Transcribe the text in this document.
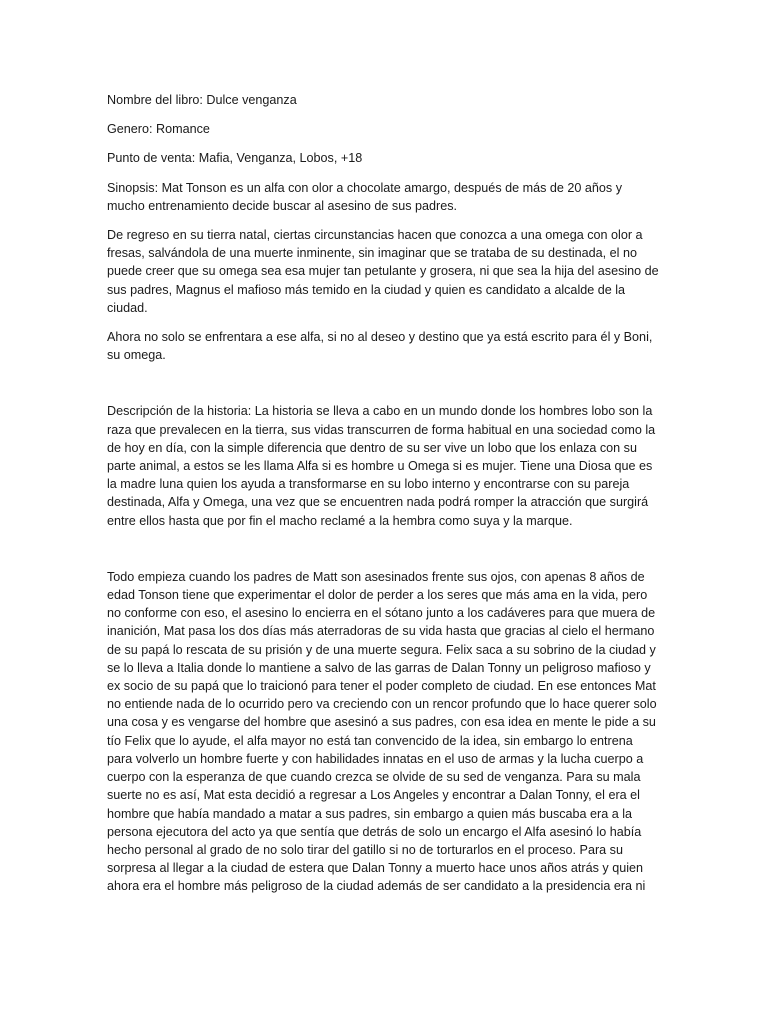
Nombre del libro: Dulce venganza

Genero: Romance

Punto de venta: Mafia, Venganza, Lobos, +18

Sinopsis: Mat Tonson es un alfa con olor a chocolate amargo, después de más de 20 años y mucho entrenamiento decide buscar al asesino de sus padres.

De regreso en su tierra natal, ciertas circunstancias hacen que conozca a una omega con olor a fresas, salvándola de una muerte inminente, sin imaginar que se trataba de su destinada, el no puede creer que su omega sea esa mujer tan petulante y grosera, ni que sea la hija del asesino de sus padres, Magnus el mafioso más temido en la ciudad y quien es candidato a alcalde de la ciudad.

Ahora no solo se enfrentara a ese alfa, si no al deseo y destino que ya está escrito para él y Boni, su omega.

Descripción de la historia: La historia se lleva a cabo en un mundo donde los hombres lobo son la raza que prevalecen en la tierra, sus vidas transcurren de forma habitual en una sociedad como la de hoy en día, con la simple diferencia que dentro de su ser vive un lobo que los enlaza con su parte animal, a estos se les llama Alfa si es hombre u Omega si es mujer. Tiene una Diosa que es la madre luna quien los ayuda a transformarse en su lobo interno y encontrarse con su pareja destinada, Alfa y Omega, una vez que se encuentren nada podrá romper la atracción que surgirá entre ellos hasta que por fin el macho reclamé a la hembra como suya y la marque.

Todo empieza cuando los padres de Matt son asesinados frente sus ojos, con apenas 8 años de edad Tonson tiene que experimentar el dolor de perder a los seres que más ama en la vida, pero no conforme con eso, el asesino lo encierra en el sótano junto a los cadáveres para que muera de inanición, Mat pasa los dos días más aterradoras de su vida hasta que gracias al cielo el hermano de su papá lo rescata de su prisión y de una muerte segura. Felix saca a su sobrino de la ciudad y se lo lleva a Italia donde lo mantiene a salvo de las garras de Dalan Tonny un peligroso mafioso y ex socio de su papá que lo traicionó para tener el poder completo de ciudad. En ese entonces Mat no entiende nada de lo ocurrido pero va creciendo con un rencor profundo que lo hace querer solo una cosa y es vengarse del hombre que asesinó a sus padres, con esa idea en mente le pide a su tío Felix que lo ayude, el alfa mayor no está tan convencido de la idea, sin embargo lo entrena para volverlo un hombre fuerte y con habilidades innatas en el uso de armas y la lucha cuerpo a cuerpo con la esperanza de que cuando crezca se olvide de su sed de venganza. Para su mala suerte no es así, Mat esta decidió a regresar a Los Angeles y encontrar a Dalan Tonny, el era el hombre que había mandado a matar a sus padres, sin embargo a quien más buscaba era a la persona ejecutora del acto ya que sentía que detrás de solo un encargo el Alfa asesinó lo había hecho personal al grado de no solo tirar del gatillo si no de torturarlos en el proceso. Para su sorpresa al llegar a la ciudad de estera que Dalan Tonny a muerto hace unos años atrás y quien ahora era el hombre más peligroso de la ciudad además de ser candidato a la presidencia era ni
